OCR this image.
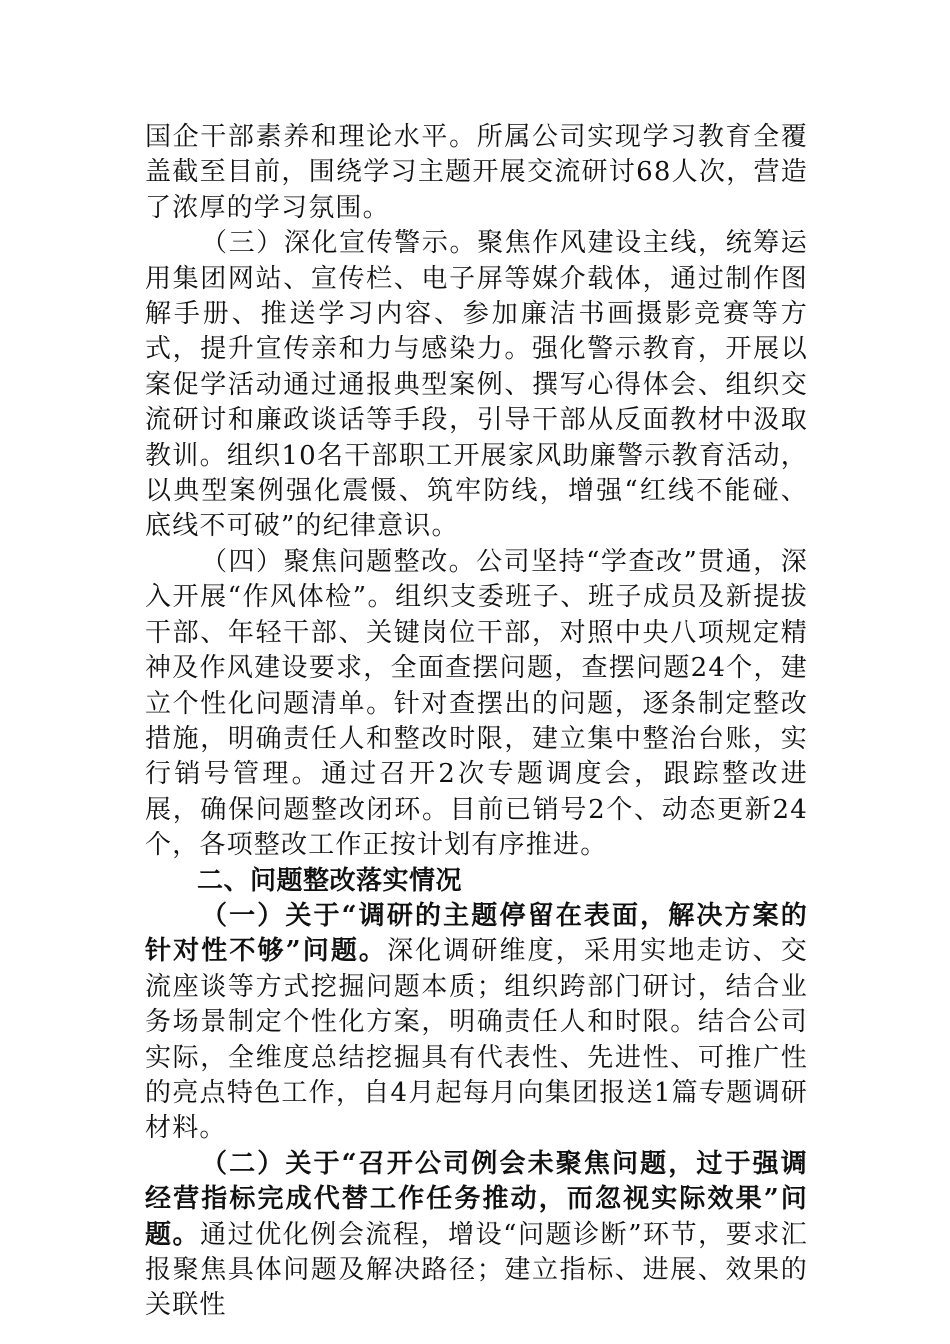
国企干部素养和理论水平。所属公司实现学习教育全覆盖截至目前，围绕学习主题开展交流研讨68人次，营造了浓厚的学习氛围。

（三）深化宣传警示。聚焦作风建设主线，统筹运用集团网站、宣传栏、电子屏等媒介载体，通过制作图解手册、推送学习内容、参加廉洁书画摄影竞赛等方式，提升宣传亲和力与感染力。强化警示教育，开展以案促学活动通过通报典型案例、撰写心得体会、组织交流研讨和廉政谈话等手段，引导干部从反面教材中汲取教训。组织10名干部职工开展家风助廉警示教育活动，以典型案例强化震慑、筑牢防线，增强“红线不能碰、底线不可破”的纪律意识。

（四）聚焦问题整改。公司坚持“学查改”贯通，深入开展“作风体检”。组织支委班子、班子成员及新提拔干部、年轻干部、关键岗位干部，对照中央八项规定精神及作风建设要求，全面查摆问题，查摆问题24个，建立个性化问题清单。针对查摆出的问题，逐条制定整改措施，明确责任人和整改时限，建立集中整治台账，实行销号管理。通过召开2次专题调度会，跟踪整改进展，确保问题整改闭环。目前已销号2个、动态更新24个，各项整改工作正按计划有序推进。

二、问题整改落实情况

（一）关于“调研的主题停留在表面，解决方案的针对性不够”问题。深化调研维度，采用实地走访、交流座谈等方式挖掘问题本质；组织跨部门研讨，结合业务场景制定个性化方案，明确责任人和时限。结合公司实际，全维度总结挖掘具有代表性、先进性、可推广性的亮点特色工作，自4月起每月向集团报送1篇专题调研材料。

（二）关于“召开公司例会未聚焦问题，过于强调经营指标完成代替工作任务推动，而忽视实际效果”问题。通过优化例会流程，增设“问题诊断”环节，要求汇报聚焦具体问题及解决路径；建立指标、进展、效果的关联性
